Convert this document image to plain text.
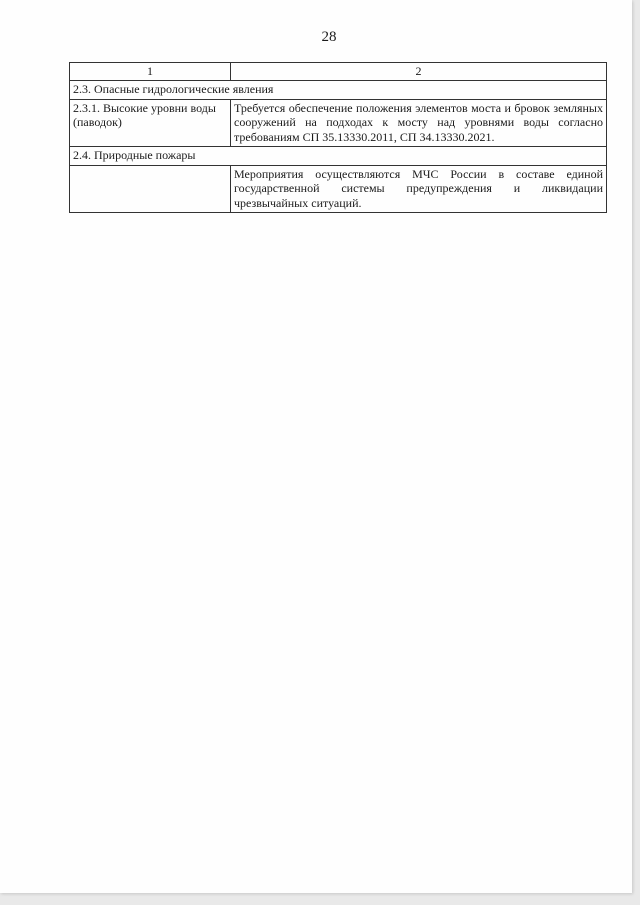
28
1	2
2.3. Опасные гидрологические явления	
2.3.1. Высокие уровни воды (паводок)	Требуется обеспечение положения элементов моста и бровок земляных сооружений на подходах к мосту над уровнями воды согласно требованиям СП 35.13330.2011, СП 34.13330.2021.
2.4. Природные пожары	
	Мероприятия осуществляются МЧС России в составе единой государственной системы предупреждения и ликвидации чрезвычайных ситуаций.
